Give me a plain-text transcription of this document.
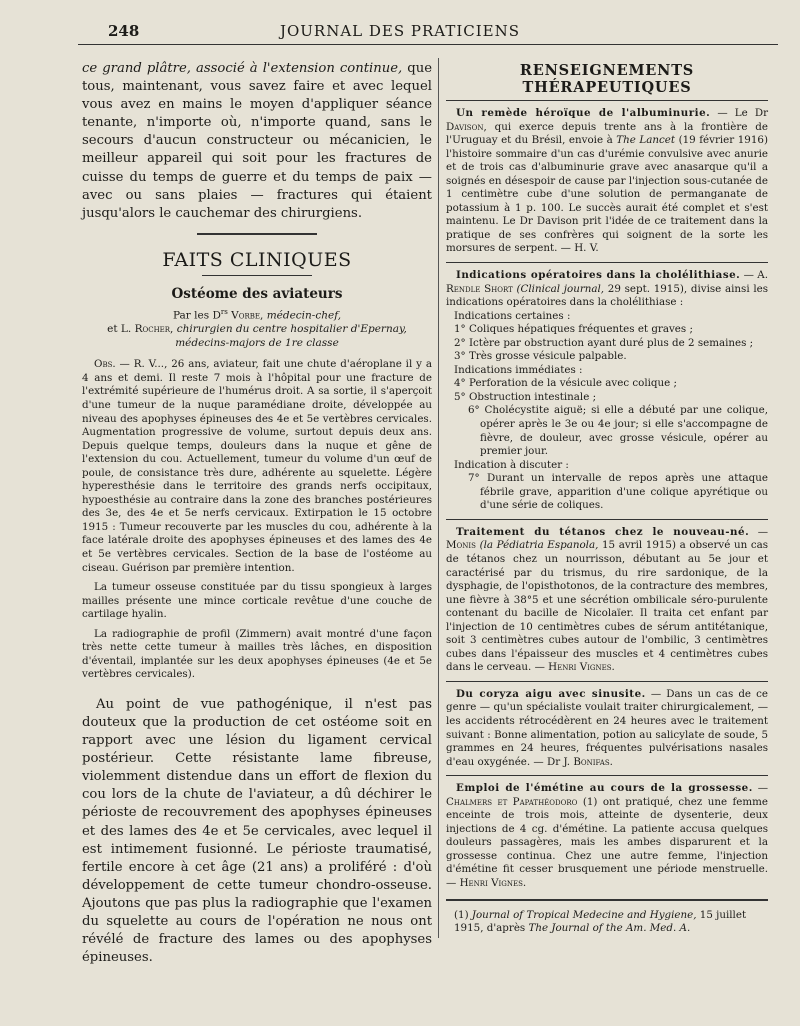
248	JOURNAL DES PRATICIENS

ce grand plâtre, associé à l'extension continue, que tous, maintenant, vous savez faire et avec lequel vous avez en mains le moyen d'appliquer séance tenante, n'importe où, n'importe quand, sans le secours d'aucun constructeur ou mécanicien, le meilleur appareil qui soit pour les fractures de cuisse du temps de guerre et du temps de paix — avec ou sans plaies — fractures qui étaient jusqu'alors le cauchemar des chirurgiens.

FAITS CLINIQUES
Ostéome des aviateurs

Par les $D^{rs}$ Vorbe, médecin-chef,

et L. Rocher, chirurgien du centre hospitalier d'Epernay,

médecins-majors de 1re classe

Obs. — R. V..., 26 ans, aviateur, fait une chute d'aéroplane il y a 4 ans et demi. Il reste 7 mois à l'hôpital pour une fracture de l'extrémité supérieure de l'humérus droit. A sa sortie, il s'aperçoit d'une tumeur de la nuque paramédiane droite, développée au niveau des apophyses épineuses des 4e et 5e vertèbres cervicales. Augmentation progressive de volume, surtout depuis deux ans. Depuis quelque temps, douleurs dans la nuque et gêne de l'extension du cou. Actuellement, tumeur du volume d'un œuf de poule, de consistance très dure, adhérente au squelette. Légère hyperesthésie dans le territoire des grands nerfs occipitaux, hypoesthésie au contraire dans la zone des branches postérieures des 3e, des 4e et 5e nerfs cervicaux. Extirpation le 15 octobre 1915 : Tumeur recouverte par les muscles du cou, adhérente à la face latérale droite des apophyses épineuses et des lames des 4e et 5e vertèbres cervicales. Section de la base de l'ostéome au ciseau. Guérison par première intention.

La tumeur osseuse constituée par du tissu spongieux à larges mailles présente une mince corticale revêtue d'une couche de cartilage hyalin.

La radiographie de profil (Zimmern) avait montré d'une façon très nette cette tumeur à mailles très lâches, en disposition d'éventail, implantée sur les deux apophyses épineuses (4e et 5e vertèbres cervicales).

Au point de vue pathogénique, il n'est pas douteux que la production de cet ostéome soit en rapport avec une lésion du ligament cervical postérieur. Cette résistante lame fibreuse, violemment distendue dans un effort de flexion du cou lors de la chute de l'aviateur, a dû déchirer le périoste de recouvrement des apophyses épineuses et des lames des 4e et 5e cervicales, avec lequel il est intimement fusionné. Le périoste traumatisé, fertile encore à cet âge (21 ans) a proliféré : d'où développement de cette tumeur chondro-osseuse. Ajoutons que pas plus la radiographie que l'examen du squelette au cours de l'opération ne nous ont révélé de fracture des lames ou des apophyses épineuses.

RENSEIGNEMENTS THÉRAPEUTIQUES

Un remède héroïque de l'albuminurie. — Le Dr Davison, qui exerce depuis trente ans à la frontière de l'Uruguay et du Brésil, envoie à The Lancet (19 février 1916) l'histoire sommaire d'un cas d'urémie convulsive avec anurie et de trois cas d'albuminurie grave avec anasarque qu'il a soignés en désespoir de cause par l'injection sous-cutanée de 1 centimètre cube d'une solution de permanganate de potassium à 1 p. 100. Le succès aurait été complet et s'est maintenu. Le Dr Davison prit l'idée de ce traitement dans la pratique de ses confrères qui soignent de la sorte les morsures de serpent. — H. V.

Indications opératoires dans la cholélithiase. — A. Rendle Short (Clinical journal, 29 sept. 1915), divise ainsi les indications opératoires dans la cholélithiase :

Indications certaines :

1° Coliques hépatiques fréquentes et graves ;

2° Ictère par obstruction ayant duré plus de 2 semaines ;

3° Très grosse vésicule palpable.

Indications immédiates :

4° Perforation de la vésicule avec colique ;

5° Obstruction intestinale ;

6° Cholécystite aiguë; si elle a débuté par une colique, opérer après le 3e ou 4e jour; si elle s'accompagne de fièvre, de douleur, avec grosse vésicule, opérer au premier jour.

Indication à discuter :

7° Durant un intervalle de repos après une attaque fébrile grave, apparition d'une colique apyrétique ou d'une série de coliques.

Traitement du tétanos chez le nouveau-né. — Monis (la Pédiatria Espanola, 15 avril 1915) a observé un cas de tétanos chez un nourrisson, débutant au 5e jour et caractérisé par du trismus, du rire sardonique, de la dysphagie, de l'opisthotonos, de la contracture des membres, une fièvre à 38°5 et une sécrétion ombilicale séro-purulente contenant du bacille de Nicolaïer. Il traita cet enfant par l'injection de 10 centimètres cubes de sérum antitétanique, soit 3 centimètres cubes autour de l'ombilic, 3 centimètres cubes dans l'épaisseur des muscles et 4 centimètres cubes dans le cerveau. — Henri Vignes.

Du coryza aigu avec sinusite. — Dans un cas de ce genre — qu'un spécialiste voulait traiter chirurgicalement, — les accidents rétrocédèrent en 24 heures avec le traitement suivant : Bonne alimentation, potion au salicylate de soude, 5 grammes en 24 heures, fréquentes pulvérisations nasales d'eau oxygénée. — Dr J. Bonifas.

Emploi de l'émétine au cours de la grossesse. — Chalmers et Papathéodoro (1) ont pratiqué, chez une femme enceinte de trois mois, atteinte de dysenterie, deux injections de 4 cg. d'émétine. La patiente accusa quelques douleurs passagères, mais les ambes disparurent et la grossesse continua. Chez une autre femme, l'injection d'émétine fit cesser brusquement une période menstruelle. — Henri Vignes.

(1) Journal of Tropical Medecine and Hygiene, 15 juillet 1915, d'après The Journal of the Am. Med. A.
